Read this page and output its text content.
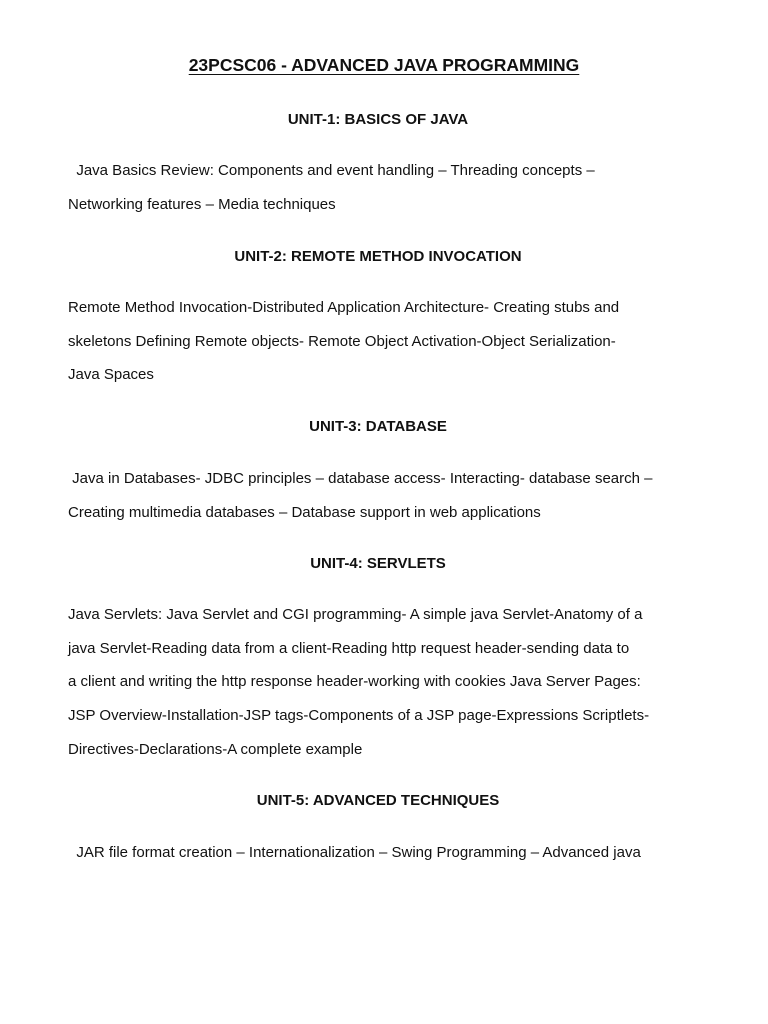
23PCSC06 - ADVANCED JAVA PROGRAMMING
UNIT-1: BASICS OF JAVA
Java Basics Review: Components and event handling – Threading concepts –
Networking features – Media techniques
UNIT-2: REMOTE METHOD INVOCATION
Remote Method Invocation-Distributed Application Architecture- Creating stubs and
skeletons Defining Remote objects- Remote Object Activation-Object Serialization-
Java Spaces
UNIT-3: DATABASE
Java in Databases- JDBC principles – database access- Interacting- database search –
Creating multimedia databases – Database support in web applications
UNIT-4: SERVLETS
Java Servlets: Java Servlet and CGI programming- A simple java Servlet-Anatomy of a
java Servlet-Reading data from a client-Reading http request header-sending data to
a client and writing the http response header-working with cookies Java Server Pages:
JSP Overview-Installation-JSP tags-Components of a JSP page-Expressions Scriptlets-
Directives-Declarations-A complete example
UNIT-5: ADVANCED TECHNIQUES
JAR file format creation – Internationalization – Swing Programming – Advanced java
